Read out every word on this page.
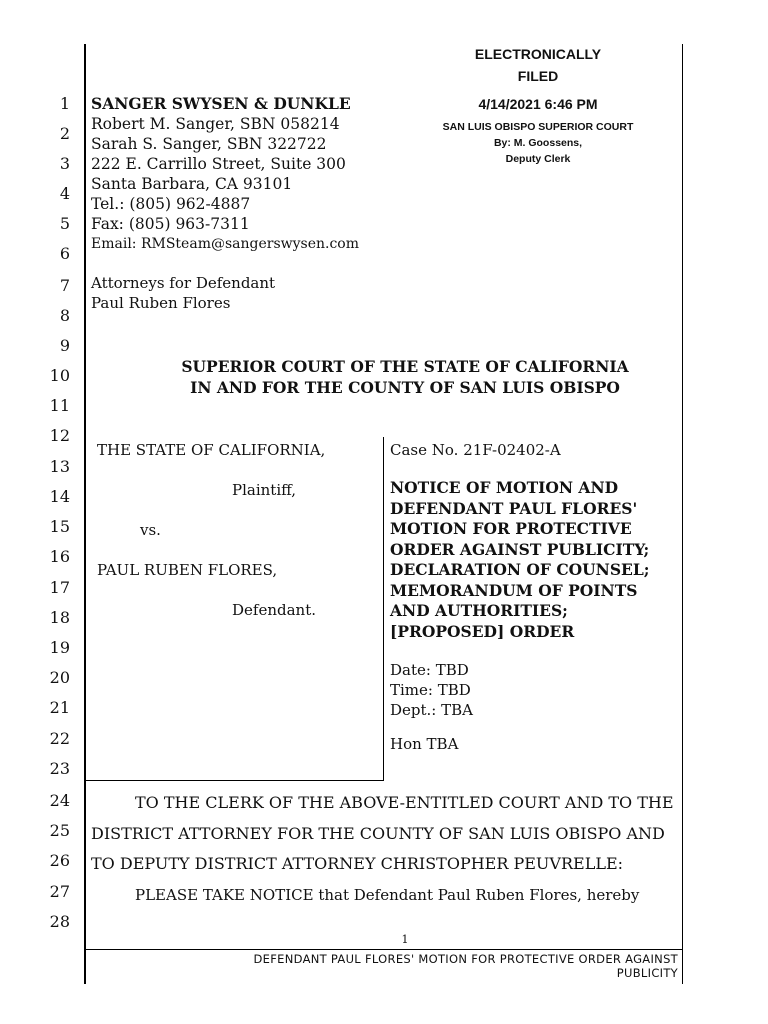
1
2
3
4
5
6
7
8
9
10
11
12
13
14
15
16
17
18
19
20
21
22
23
24
25
26
27
28
ELECTRONICALLY
FILED
4/14/2021 6:46 PM
SAN LUIS OBISPO SUPERIOR COURT
By: M. Goossens,
Deputy Clerk
SANGER SWYSEN & DUNKLE
Robert M. Sanger, SBN 058214
Sarah S. Sanger, SBN 322722
222 E. Carrillo Street, Suite 300
Santa Barbara, CA 93101
Tel.: (805) 962-4887
Fax: (805) 963-7311
Email: RMSteam@sangerswysen.com
Attorneys for Defendant
Paul Ruben Flores
SUPERIOR COURT OF THE STATE OF CALIFORNIA
IN AND FOR THE COUNTY OF SAN LUIS OBISPO
THE STATE OF CALIFORNIA,
Plaintiff,
vs.
PAUL RUBEN FLORES,
Defendant.
Case No. 21F-02402-A
NOTICE OF MOTION AND
DEFENDANT PAUL FLORES'
MOTION FOR PROTECTIVE
ORDER AGAINST PUBLICITY;
DECLARATION OF COUNSEL;
MEMORANDUM OF POINTS
AND AUTHORITIES;
[PROPOSED] ORDER
Date: TBD
Time: TBD
Dept.: TBA
Hon TBA
TO THE CLERK OF THE ABOVE-ENTITLED COURT AND TO THE
DISTRICT ATTORNEY FOR THE COUNTY OF SAN LUIS OBISPO AND
TO DEPUTY DISTRICT ATTORNEY CHRISTOPHER PEUVRELLE:
PLEASE TAKE NOTICE that Defendant Paul Ruben Flores, hereby
1
DEFENDANT PAUL FLORES' MOTION FOR PROTECTIVE ORDER AGAINST
PUBLICITY
